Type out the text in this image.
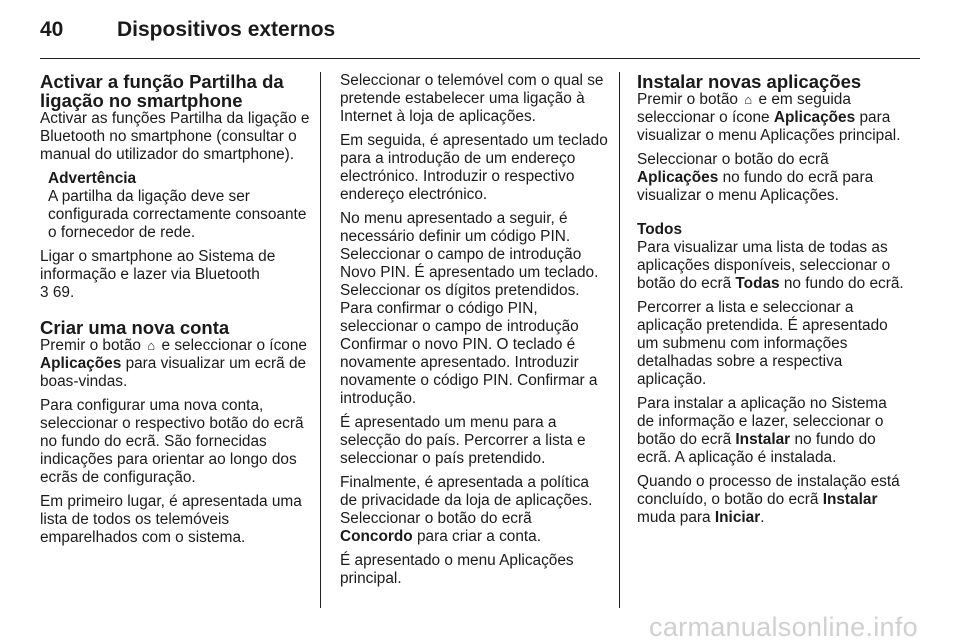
40	Dispositivos externos
Activar a função Partilha da ligação no smartphone

Activar as funções Partilha da ligação e Bluetooth no smartphone (consultar o manual do utilizador do smartphone).

Advertência
A partilha da ligação deve ser configurada correctamente consoante o fornecedor de rede.

Ligar o smartphone ao Sistema de informação e lazer via Bluetooth
3 69.

Criar uma nova conta

Premir o botão ⌂ e seleccionar o ícone Aplicações para visualizar um ecrã de boas-vindas.

Para configurar uma nova conta, seleccionar o respectivo botão do ecrã no fundo do ecrã. São fornecidas indicações para orientar ao longo dos ecrãs de configuração.

Em primeiro lugar, é apresentada uma lista de todos os telemóveis emparelhados com o sistema.

Seleccionar o telemóvel com o qual se pretende estabelecer uma ligação à Internet à loja de aplicações.

Em seguida, é apresentado um teclado para a introdução de um endereço electrónico. Introduzir o respectivo endereço electrónico.

No menu apresentado a seguir, é necessário definir um código PIN. Seleccionar o campo de introdução Novo PIN. É apresentado um teclado. Seleccionar os dígitos pretendidos. Para confirmar o código PIN, seleccionar o campo de introdução Confirmar o novo PIN. O teclado é novamente apresentado. Introduzir novamente o código PIN. Confirmar a introdução.

É apresentado um menu para a selecção do país. Percorrer a lista e seleccionar o país pretendido.

Finalmente, é apresentada a política de privacidade da loja de aplicações. Seleccionar o botão do ecrã Concordo para criar a conta.

É apresentado o menu Aplicações principal.

Instalar novas aplicações

Premir o botão ⌂ e em seguida seleccionar o ícone Aplicações para visualizar o menu Aplicações principal.

Seleccionar o botão do ecrã Aplicações no fundo do ecrã para visualizar o menu Aplicações.

Todos

Para visualizar uma lista de todas as aplicações disponíveis, seleccionar o botão do ecrã Todas no fundo do ecrã.

Percorrer a lista e seleccionar a aplicação pretendida. É apresentado um submenu com informações detalhadas sobre a respectiva aplicação.

Para instalar a aplicação no Sistema de informação e lazer, seleccionar o botão do ecrã Instalar no fundo do ecrã. A aplicação é instalada.

Quando o processo de instalação está concluído, o botão do ecrã Instalar muda para Iniciar.

carmanualsonline.info
